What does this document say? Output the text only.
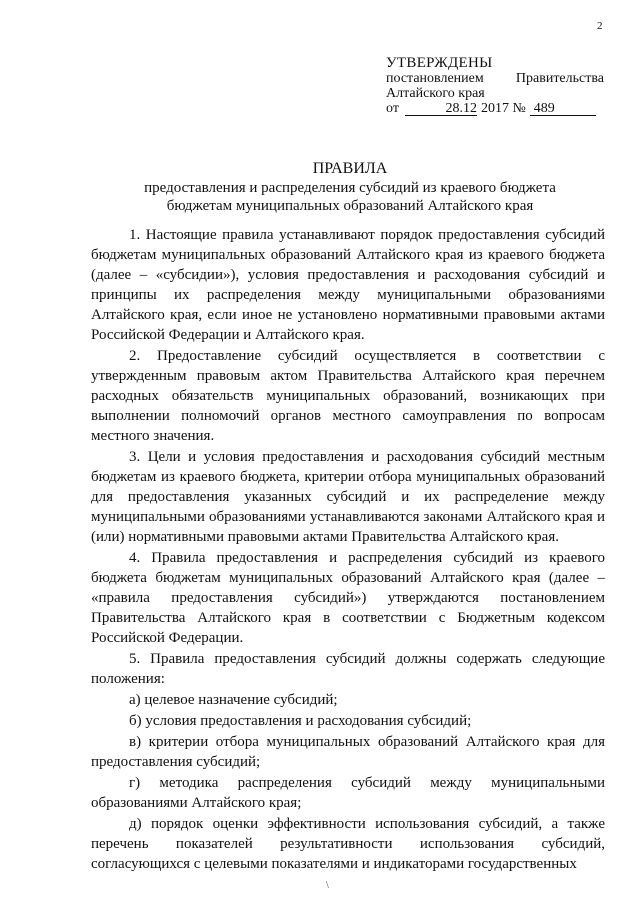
2
УТВЕРЖДЕНЫ
постановлением Правительства
Алтайского края
от	28.12 2017 № 489
ПРАВИЛА
предоставления и распределения субсидий из краевого бюджета
бюджетам муниципальных образований Алтайского края

1. Настоящие правила устанавливают порядок предоставления субсидий бюджетам муниципальных образований Алтайского края из краевого бюджета (далее – «субсидии»), условия предоставления и расходования субсидий и принципы их распределения между муниципальными образованиями Алтайского края, если иное не установлено нормативными правовыми актами Российской Федерации и Алтайского края.

2. Предоставление субсидий осуществляется в соответствии с утвержденным правовым актом Правительства Алтайского края перечнем расходных обязательств муниципальных образований, возникающих при выполнении полномочий органов местного самоуправления по вопросам местного значения.

3. Цели и условия предоставления и расходования субсидий местным бюджетам из краевого бюджета, критерии отбора муниципальных образований для предоставления указанных субсидий и их распределение между муниципальными образованиями устанавливаются законами Алтайского края и (или) нормативными правовыми актами Правительства Алтайского края.

4. Правила предоставления и распределения субсидий из краевого бюджета бюджетам муниципальных образований Алтайского края (далее – «правила предоставления субсидий») утверждаются постановлением Правительства Алтайского края в соответствии с Бюджетным кодексом Российской Федерации.

5. Правила предоставления субсидий должны содержать следующие положения:

а) целевое назначение субсидий;

б) условия предоставления и расходования субсидий;

в) критерии отбора муниципальных образований Алтайского края для предоставления субсидий;

г) методика распределения субсидий между муниципальными образованиями Алтайского края;

д) порядок оценки эффективности использования субсидий, а также перечень показателей результативности использования субсидий, согласующихся с целевыми показателями и индикаторами государственных

\
